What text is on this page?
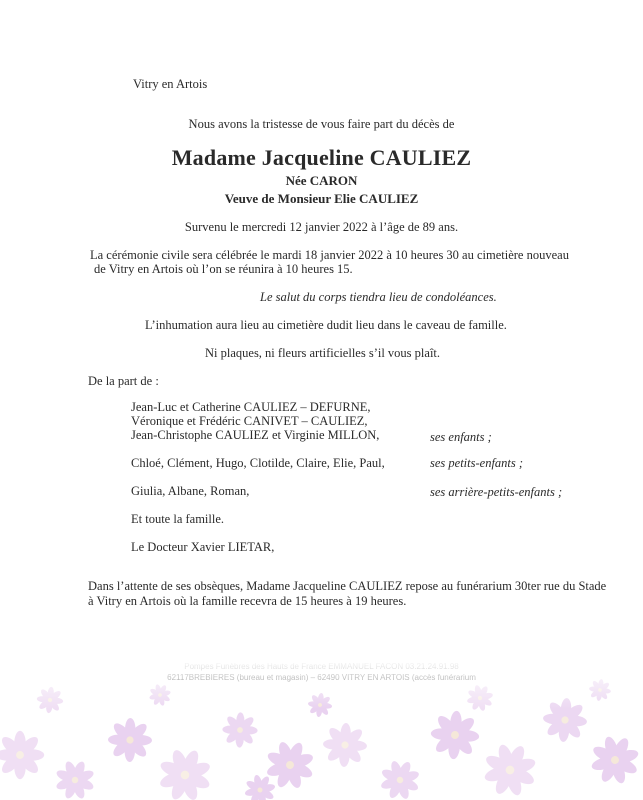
Vitry en Artois

Nous avons la tristesse de vous faire part du décès de

Madame Jacqueline CAULIEZ

Née CARON

Veuve de Monsieur Elie CAULIEZ

Survenu le mercredi 12 janvier 2022 à l’âge de 89 ans.

La cérémonie civile sera célébrée le mardi 18 janvier 2022 à 10 heures 30 au cimetière nouveau

de Vitry en Artois où l’on se réunira à 10 heures 15.

Le salut du corps tiendra lieu de condoléances.

L’inhumation aura lieu au cimetière dudit lieu dans le caveau de famille.

Ni plaques, ni fleurs artificielles s’il vous plaît.

De la part de :

Jean-Luc et Catherine CAULIEZ – DEFURNE,

Véronique et Frédéric CANIVET – CAULIEZ,

Jean-Christophe CAULIEZ et Virginie MILLON,	ses enfants ;

Chloé, Clément, Hugo, Clotilde, Claire, Elie, Paul,	ses petits-enfants ;

Giulia, Albane, Roman,	ses arrière-petits-enfants ;

Et toute la famille.

Le Docteur Xavier LIETAR,

Dans l’attente de ses obsèques, Madame Jacqueline CAULIEZ repose au funérarium 30ter rue du Stade

à Vitry en Artois où la famille recevra de 15 heures à 19 heures.
